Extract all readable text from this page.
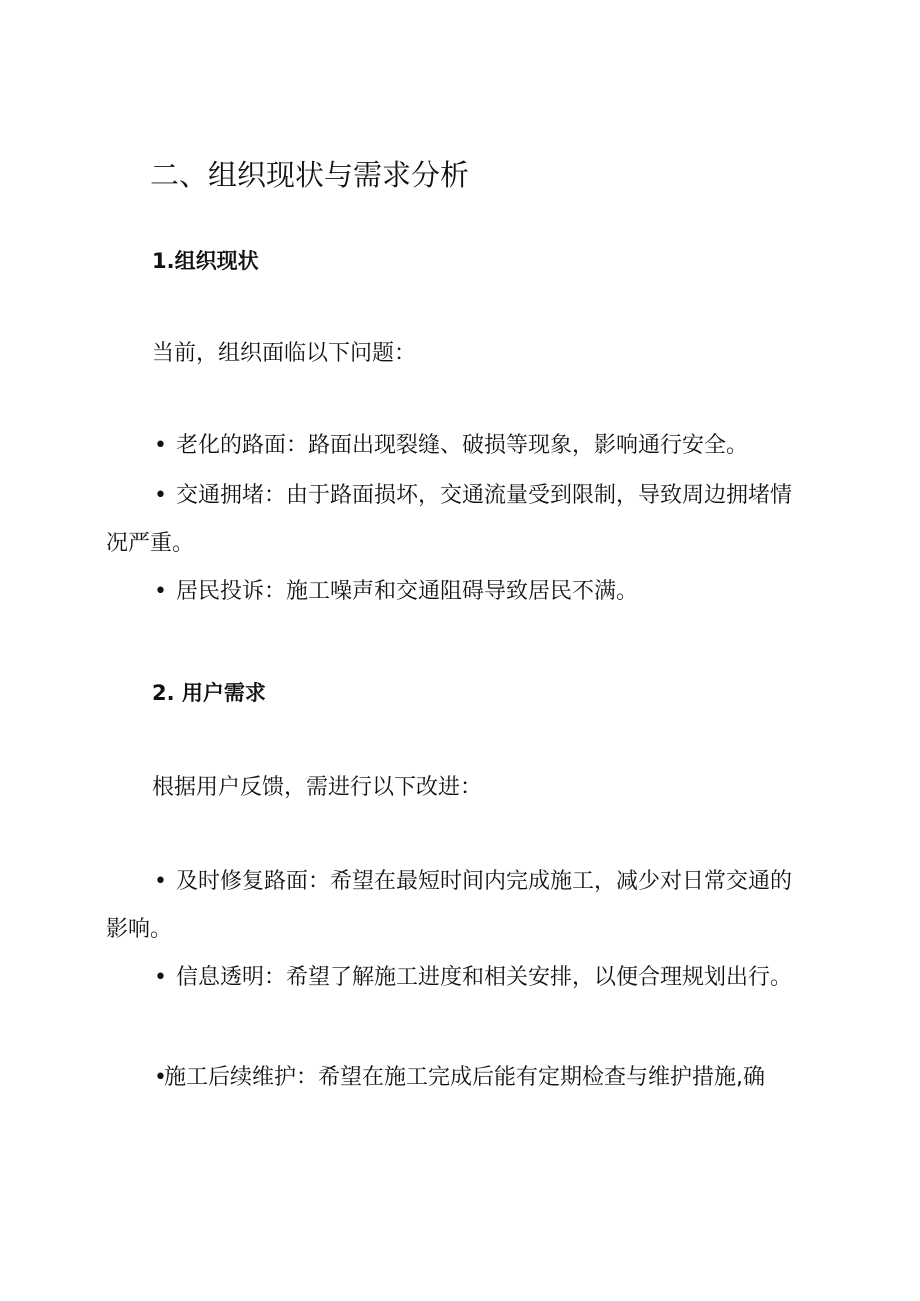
二、组织现状与需求分析
1.组织现状

当前，组织面临以下问题：

• 老化的路面：路面出现裂缝、破损等现象，影响通行安全。

• 交通拥堵：由于路面损坏，交通流量受到限制，导致周边拥堵情况严重。

• 居民投诉：施工噪声和交通阻碍导致居民不满。

2. 用户需求

根据用户反馈，需进行以下改进：

• 及时修复路面：希望在最短时间内完成施工，减少对日常交通的影响。

• 信息透明：希望了解施工进度和相关安排，以便合理规划出行。

•施工后续维护：希望在施工完成后能有定期检查与维护措施,确
